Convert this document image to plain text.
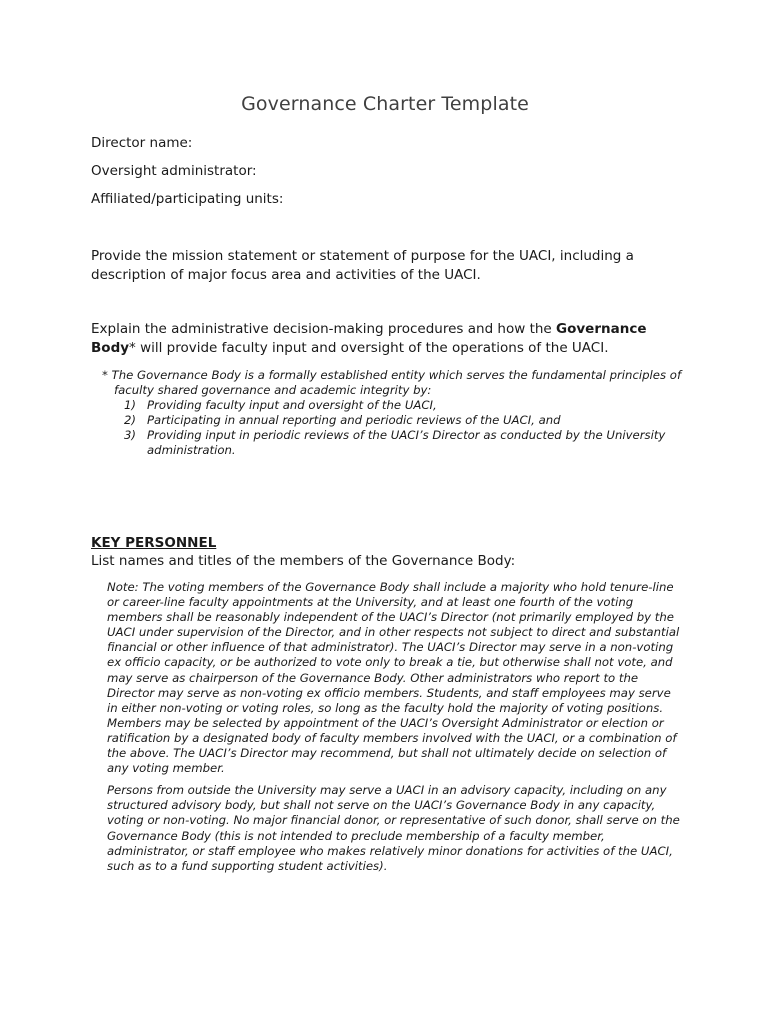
Governance Charter Template
Director name:
Oversight administrator:
Affiliated/participating units:
Provide the mission statement or statement of purpose for the UACI, including a description of major focus area and activities of the UACI.
Explain the administrative decision-making procedures and how the Governance Body* will provide faculty input and oversight of the operations of the UACI.
* The Governance Body is a formally established entity which serves the fundamental principles of faculty shared governance and academic integrity by:
1) Providing faculty input and oversight of the UACI,
2) Participating in annual reporting and periodic reviews of the UACI, and
3) Providing input in periodic reviews of the UACI’s Director as conducted by the University administration.
KEY PERSONNEL
List names and titles of the members of the Governance Body:

Note: The voting members of the Governance Body shall include a majority who hold tenure-line or career-line faculty appointments at the University, and at least one fourth of the voting members shall be reasonably independent of the UACI’s Director (not primarily employed by the UACI under supervision of the Director, and in other respects not subject to direct and substantial financial or other influence of that administrator). The UACI’s Director may serve in a non-voting ex officio capacity, or be authorized to vote only to break a tie, but otherwise shall not vote, and may serve as chairperson of the Governance Body. Other administrators who report to the Director may serve as non-voting ex officio members. Students, and staff employees may serve in either non-voting or voting roles, so long as the faculty hold the majority of voting positions. Members may be selected by appointment of the UACI’s Oversight Administrator or election or ratification by a designated body of faculty members involved with the UACI, or a combination of the above. The UACI’s Director may recommend, but shall not ultimately decide on selection of any voting member.

Persons from outside the University may serve a UACI in an advisory capacity, including on any structured advisory body, but shall not serve on the UACI’s Governance Body in any capacity, voting or non-voting. No major financial donor, or representative of such donor, shall serve on the Governance Body (this is not intended to preclude membership of a faculty member, administrator, or staff employee who makes relatively minor donations for activities of the UACI, such as to a fund supporting student activities).
